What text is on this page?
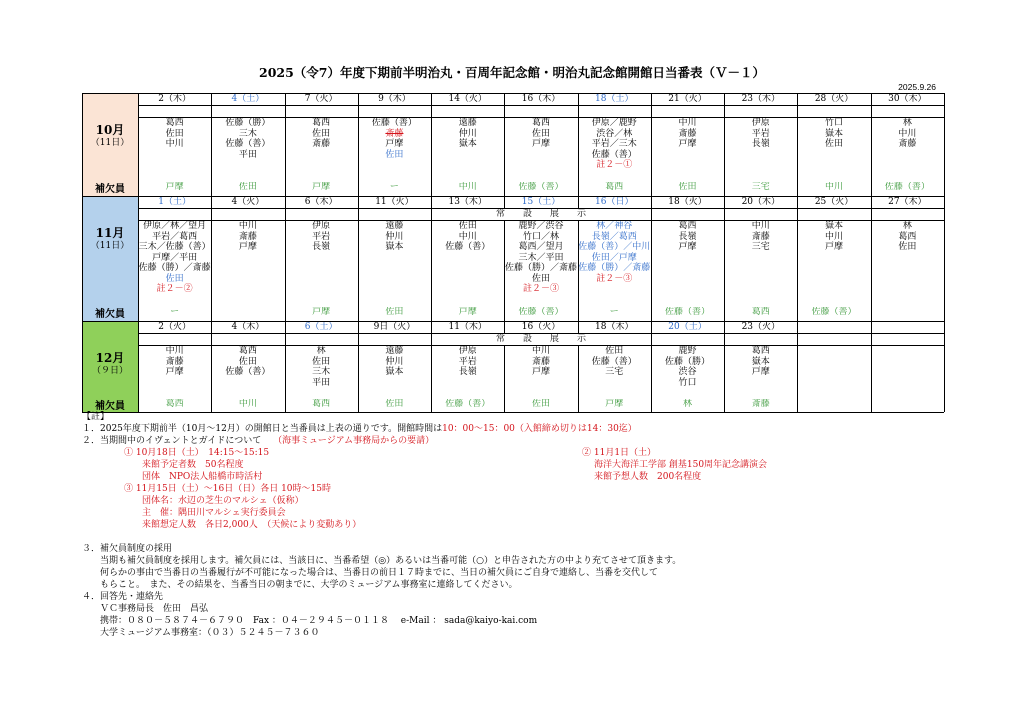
2025（令7）年度下期前半明治丸・百周年記念館・明治丸記念館開館日当番表（Ｖ－１）
2025.9.26
10月
（11日）
補欠員
2（木）
葛西
佐田
中川
戸摩
4（土）
佐藤（勝）
三木
佐藤（善）
平田
佐田
7（火）
葛西
佐田
斎藤
戸摩
9（木）
佐藤（善）
斎藤
戸摩
佐田
ー
14（火）
遠藤
仲川
嶽本
中川
16（木）
葛西
佐田
戸摩
佐藤（善）
18（土）
伊原／鹿野
渋谷／林
平岩／三木
佐藤（善）
註２－①
葛西
21（火）
中川
斎藤
戸摩
佐田
23（木）
伊原
平岩
長嶺
三宅
28（火）
竹口
嶽本
佐田
中川
30（木）
林
中川
斎藤
佐藤（善）
11月
（11日）
補欠員
1（土）
伊原／林／望月
平岩／葛西
三木／佐藤（善）
戸摩／平田
佐藤（勝）／斎藤
佐田
註２－②
ー
4（火）
中川
斎藤
戸摩
6（木）
伊原
平岩
長嶺
戸摩
11（火）
遠藤
仲川
嶽本
佐田
13（木）
佐田
中川
佐藤（善）
戸摩
15（土）
鹿野／渋谷
竹口／林
葛西／望月
三木／平田
佐藤（勝）／斎藤
佐田
註２－③
佐藤（善）
16（日）
林／神谷
長嶺／葛西
佐藤（善）／中川
佐田／戸摩
佐藤（勝）／斎藤
註２－③
ー
18（火）
葛西
長嶺
戸摩
佐藤（善）
20（木）
中川
斎藤
三宅
葛西
25（火）
嶽本
中川
戸摩
佐藤（善）
27（木）
林
葛西
佐田
常　　設　　展　　示
12月
（９日）
補欠員
2（火）
中川
斎藤
戸摩
葛西
4（木）
葛西
佐田
佐藤（善）
中川
6（土）
林
佐田
三木
平田
葛西
9日（火）
遠藤
仲川
嶽本
佐田
11（木）
伊原
平岩
長嶺
佐藤（善）
16（火）
中川
斎藤
戸摩
佐田
18（木）
佐田
佐藤（善）
三宅
戸摩
20（土）
鹿野
佐藤（勝）
渋谷
竹口
林
23（火）
葛西
嶽本
戸摩
斎藤
常　　設　　展　　示
【註】
１．2025年度下期前半（10月～12月）の開館日と当番員は上表の通りです。開館時間は10：00～15：00（入館締め切りは14：30迄）
２．当期間中のイヴェントとガイドについて　 （海事ミュージアム事務局からの要請）
① 10月18日（土）　14:15～15:15
来館予定者数　50名程度
団体　NPO法人船橋市時活村
② 11月1日（土）
海洋大海洋工学部 創基150周年記念講演会
来館予想人数　200名程度
③ 11月15日（土）～16日（日）各日 10時～15時
団体名：水辺の芝生のマルシェ（仮称）
主　催：隅田川マルシェ実行委員会
来館想定人数　各日2,000人　（天候により変動あり）
３．補欠員制度の採用
当期も補欠員制度を採用します。補欠員には、当該日に、当番希望（◎）あるいは当番可能（○）と申告された方の中より充てさせて頂きます。
何らかの事由で当番日の当番履行が不可能になった場合は、当番日の前日１７時までに、当日の補欠員にご自身で連絡し、当番を交代して
もらこと。　また、その結果を、当番当日の朝までに、大学のミュージアム事務室に連絡してください。
４．回答先・連絡先
ＶＣ事務局長　佐田　昌弘
携帯：０８０－５８７４－６７９０　Fax ：０４－２９４５－０１１８　 e-Mail ： sada@kaiyo-kai.com
大学ミュージアム事務室：（０３）５２４５－７３６０
